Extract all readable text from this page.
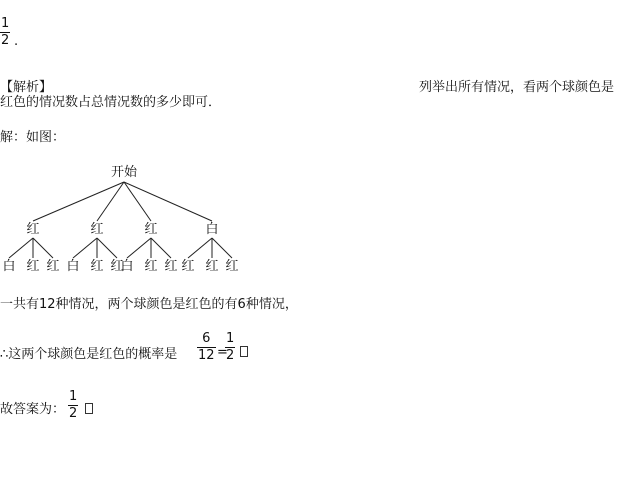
1
2 .
【解析】	列举出所有情况，看两个球颜色是
红色的情况数占总情况数的多少即可．
解：如图：
开始
红
白 红 红
红
白 红 红
红
白 红 红
白
红 红 红
一共有12种情况，两个球颜色是红色的有6种情况，
∴这两个球颜色是红色的概率是
6
12 =
1
2
故答案为：
1
2
